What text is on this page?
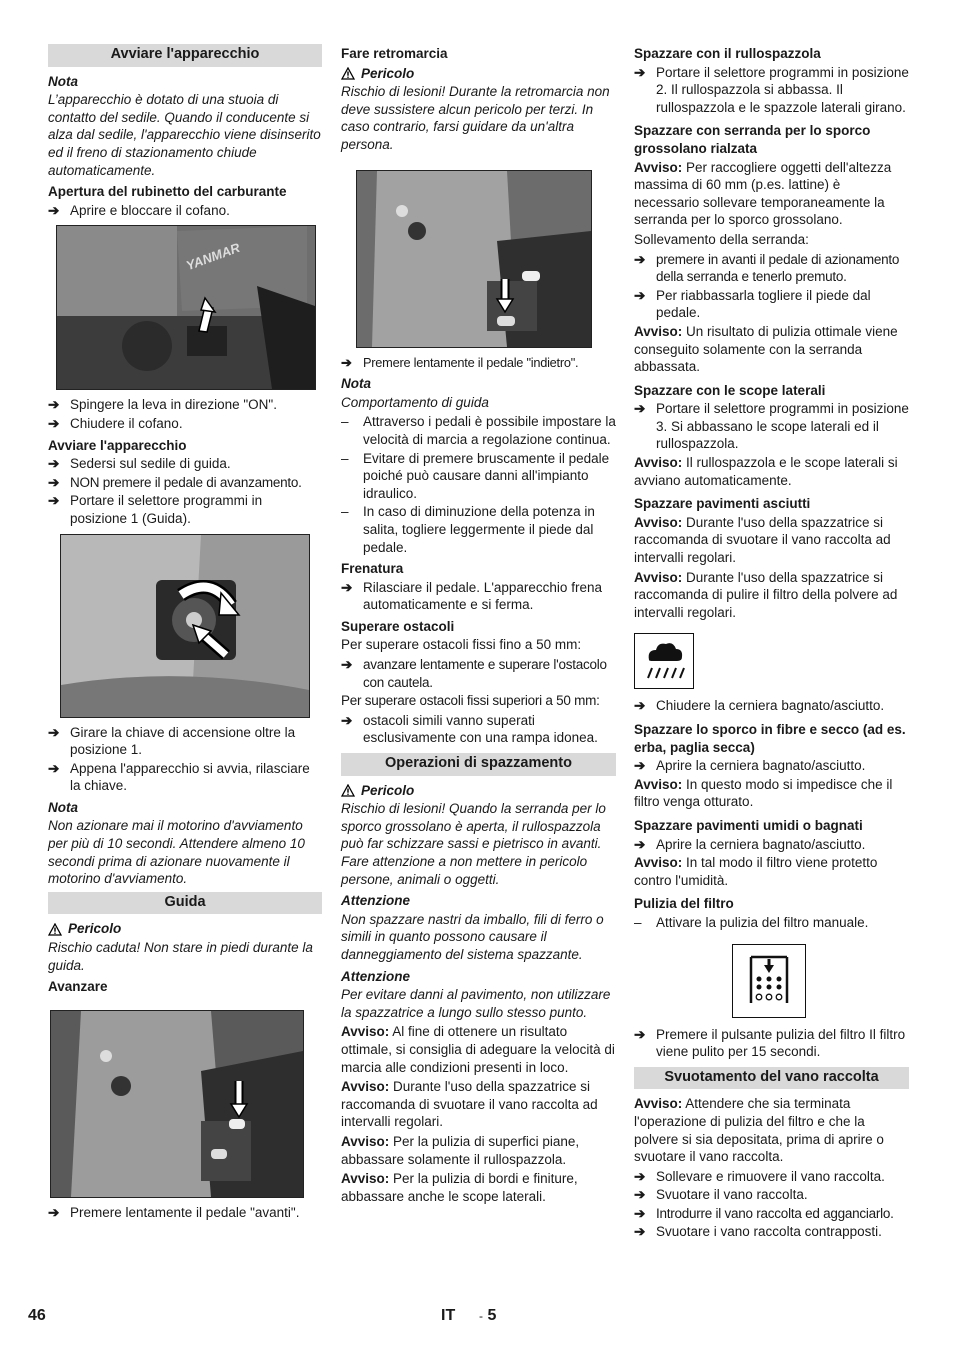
Avviare l'apparecchio
Nota
L’apparecchio è dotato di una stuoia di contatto del sedile. Quando il conducente si alza dal sedile, l'apparecchio viene disinserito ed il freno di stazionamento chiude automaticamente.
Apertura del rubinetto del carburante
➔ Aprire e bloccare il cofano.
YANMAR
➔ Spingere la leva in direzione "ON".
➔ Chiudere il cofano.
Avviare l'apparecchio
➔ Sedersi sul sedile di guida.
➔ NON premere il pedale di avanzamento.
➔ Portare il selettore programmi in posizione 1 (Guida).
➔ Girare la chiave di accensione oltre la posizione 1.
➔ Appena l'apparecchio si avvia, rilasciare la chiave.
Nota
Non azionare mai il motorino d'avviamento per più di 10 secondi. Attendere almeno 10 secondi prima di azionare nuovamente il motorino d'avviamento.
Guida
Pericolo
Rischio caduta! Non stare in piedi durante la guida.
Avanzare
➔ Premere lentamente il pedale "avanti".
Fare retromarcia
Pericolo
Rischio di lesioni! Durante la retromarcia non deve sussistere alcun pericolo per terzi. In caso contrario, farsi guidare da un'altra persona.
➔ Premere lentamente il pedale "indietro".
Nota
Comportamento di guida
–	Attraverso i pedali è possibile impostare la velocità di marcia a regolazione continua.
–	Evitare di premere bruscamente il pedale poiché può causare danni all'impianto idraulico.
–	In caso di diminuzione della potenza in salita, togliere leggermente il piede dal pedale.
Frenatura
➔ Rilasciare il pedale. L'apparecchio frena automaticamente e si ferma.
Superare ostacoli

Per superare ostacoli fissi fino a 50 mm:

➔ avanzare lentamente e superare l'ostacolo con cautela.

Per superare ostacoli fissi superiori a 50 mm:

➔ ostacoli simili vanno superati esclusivamente con una rampa idonea.
Operazioni di spazzamento
Pericolo
Rischio di lesioni! Quando la serranda per lo sporco grossolano è aperta, il rullospazzola può far schizzare sassi e pietrisco in avanti. Fare attenzione a non mettere in pericolo persone, animali o oggetti.
Attenzione
Non spazzare nastri da imballo, fili di ferro o simili in quanto possono causare il danneggiamento del sistema spazzante.
Attenzione
Per evitare danni al pavimento, non utilizzare la spazzatrice a lungo sullo stesso punto.

Avviso: Al fine di ottenere un risultato ottimale, si consiglia di adeguare la velocità di marcia alle condizioni presenti in loco.

Avviso: Durante l'uso della spazzatrice si raccomanda di svuotare il vano raccolta ad intervalli regolari.

Avviso: Per la pulizia di superfici piane, abbassare solamente il rullospazzola.

Avviso: Per la pulizia di bordi e finiture, abbassare anche le scope laterali.

Spazzare con il rullospazzola
➔ Portare il selettore programmi in posizione 2. Il rullospazzola si abbassa. Il rullospazzola e le spazzole laterali girano.
Spazzare con serranda per lo sporco grossolano rialzata

Avviso: Per raccogliere oggetti dell'altezza massima di 60 mm (p.es. lattine) è necessario sollevare temporaneamente la serranda per lo sporco grossolano.

Sollevamento della serranda:

➔ premere in avanti il pedale di azionamento della serranda e tenerlo premuto.
➔ Per riabbassarla togliere il piede dal pedale.

Avviso: Un risultato di pulizia ottimale viene conseguito solamente con la serranda abbassata.

Spazzare con le scope laterali
➔ Portare il selettore programmi in posizione 3. Si abbassano le scope laterali ed il rullospazzola.

Avviso: Il rullospazzola e le scope laterali si avviano automaticamente.

Spazzare pavimenti asciutti

Avviso: Durante l'uso della spazzatrice si raccomanda di svuotare il vano raccolta ad intervalli regolari.

Avviso: Durante l'uso della spazzatrice si raccomanda di pulire il filtro della polvere ad intervalli regolari.

➔ Chiudere la cerniera bagnato/asciutto.
Spazzare lo sporco in fibre e secco (ad es. erba, paglia secca)
➔ Aprire la cerniera bagnato/asciutto.

Avviso: In questo modo si impedisce che il filtro venga otturato.

Spazzare pavimenti umidi o bagnati
➔ Aprire la cerniera bagnato/asciutto.

Avviso: In tal modo il filtro viene protetto contro l'umidità.

Pulizia del filtro
–	Attivare la pulizia del filtro manuale.
➔ Premere il pulsante pulizia del filtro Il filtro viene pulito per 15 secondi.
Svuotamento del vano raccolta

Avviso: Attendere che sia terminata l'operazione di pulizia del filtro e che la polvere si sia depositata, prima di aprire o svuotare il vano raccolta.

➔ Sollevare e rimuovere il vano raccolta.
➔ Svuotare il vano raccolta.
➔ Introdurre il vano raccolta ed agganciarlo.
➔ Svuotare i vano raccolta contrapposti.
46	IT - 5
